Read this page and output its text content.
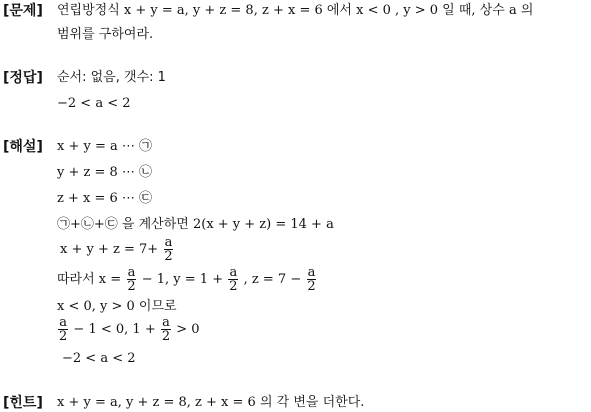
[문제]
[정답]
[해설]
[힌트]
연립방정식 x + y = a, y + z = 8, z + x = 6 에서 x < 0 , y > 0 일 때, 상수 a 의
범위를 구하여라.
순서: 없음, 갯수: 1
−2 < a < 2
x + y = a ⋯ ㉠
y + z = 8 ⋯ ㉡
z + x = 6 ⋯ ㉢
㉠+㉡+㉢ 을 계산하면 2(x + y + z) = 14 + a
$x + y + z = 7+ \frac{a}{2}$
따라서 $x = \frac{a}{2} - 1$, $y = 1 + \frac{a}{2}$ , $z = 7 - \frac{a}{2}$
x < 0, y > 0 이므로
$\frac{a}{2} - 1 < 0$, $1 + \frac{a}{2} > 0$
−2 < a < 2
x + y = a, y + z = 8, z + x = 6 의 각 변을 더한다.
